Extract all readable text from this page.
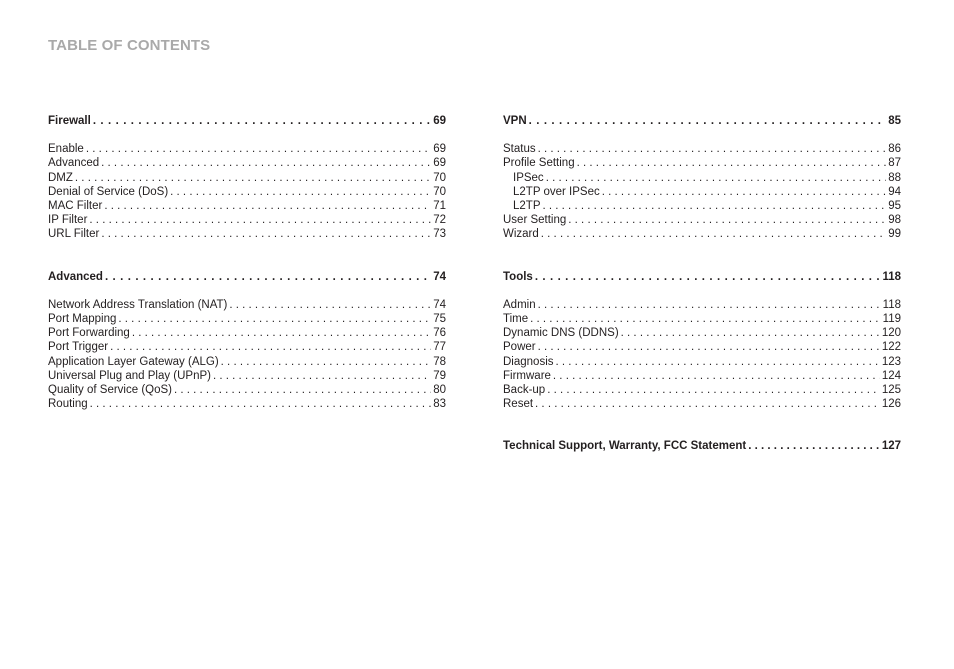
TABLE OF CONTENTS
Firewall . . .	69
Enable . . .	69
Advanced . . .	69
DMZ . . .	70
Denial of Service (DoS) . . .	70
MAC Filter . . .	71
IP Filter . . .	72
URL Filter . . .	73
Advanced . . .	74
Network Address Translation (NAT) . . .	74
Port Mapping . . .	75
Port Forwarding . . .	76
Port Trigger . . .	77
Application Layer Gateway (ALG) . . .	78
Universal Plug and Play (UPnP) . . .	79
Quality of Service (QoS) . . .	80
Routing . . .	83
VPN . . .	85
Status . . .	86
Profile Setting . . .	87
IPSec . . .	88
L2TP over IPSec . . .	94
L2TP . . .	95
User Setting . . .	98
Wizard . . .	99
Tools . . .	118
Admin . . .	118
Time . . .	119
Dynamic DNS (DDNS) . . .	120
Power . . .	122
Diagnosis . . .	123
Firmware . . .	124
Back-up . . .	125
Reset . . .	126
Technical Support, Warranty, FCC Statement . . .	127
